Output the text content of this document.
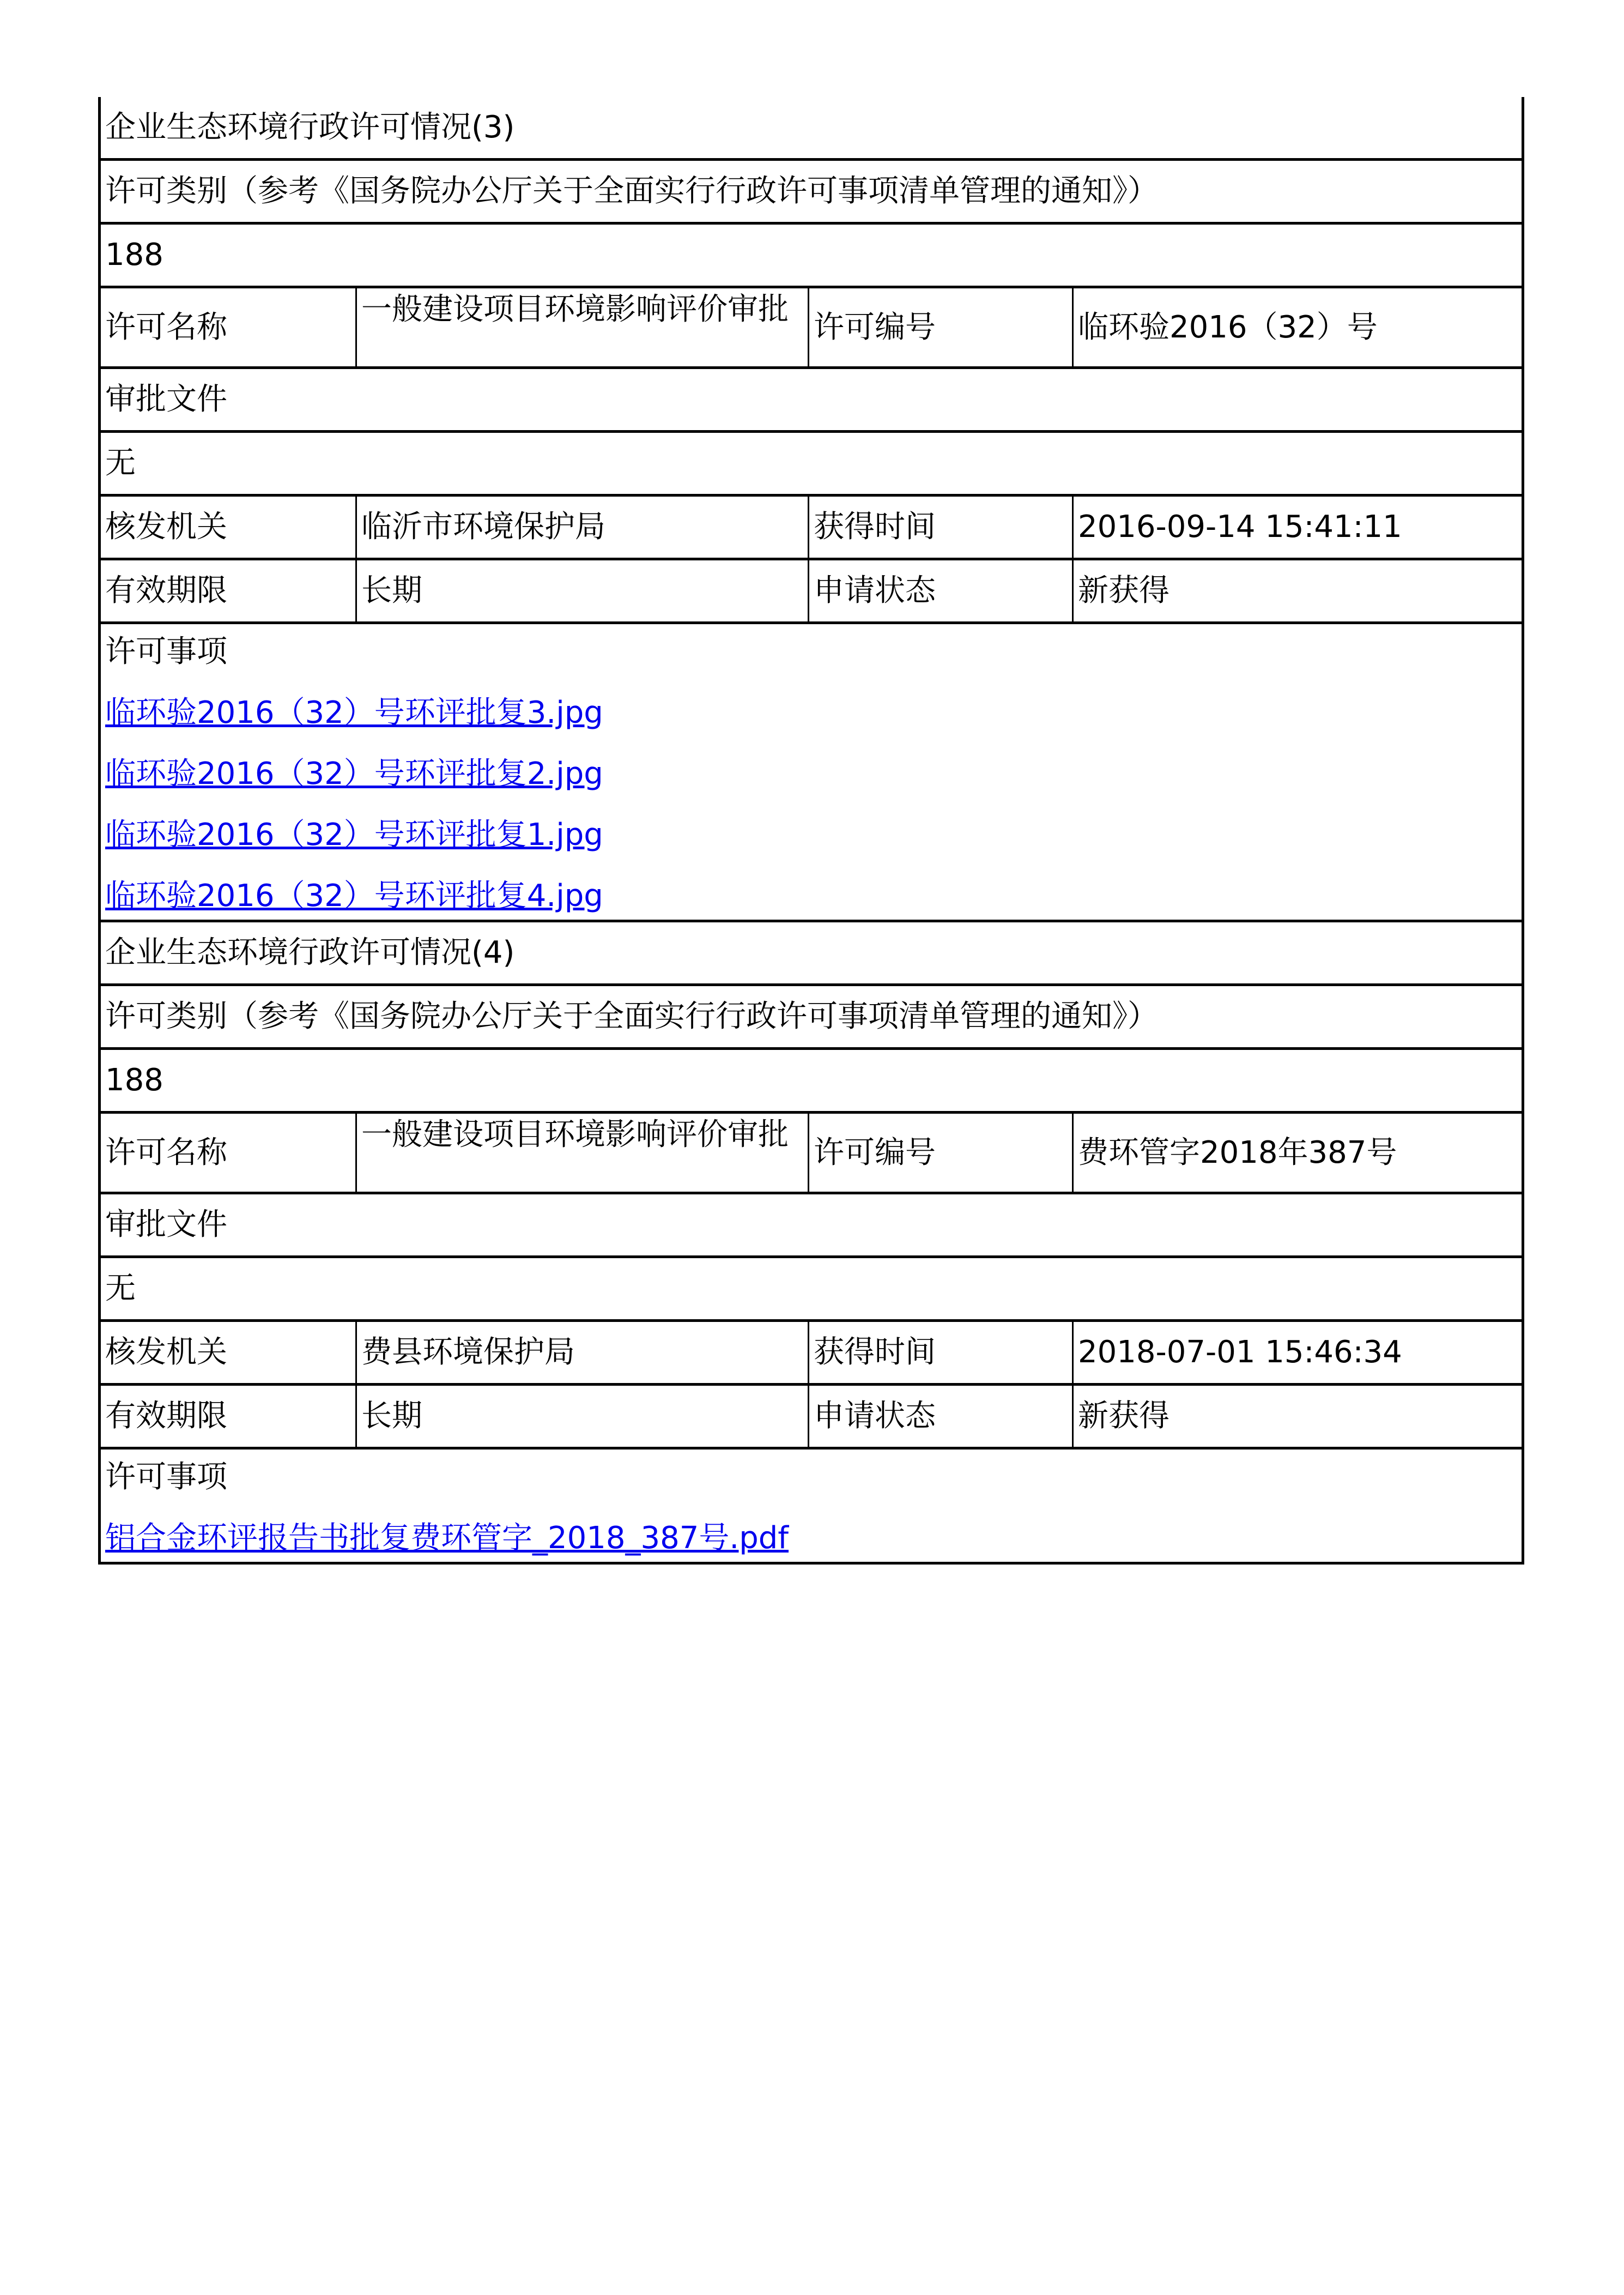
企业生态环境行政许可情况(3)
许可类别（参考《国务院办公厅关于全面实行行政许可事项清单管理的通知》）
188
许可名称	一般建设项目环境影响评价审批 许可编号	临环验2016（32）号
审批文件
无
核发机关	临沂市环境保护局	获得时间	2016-09-14 15:41:11
有效期限	长期	申请状态	新获得
许可事项
临环验2016（32）号环评批复3.jpg
临环验2016（32）号环评批复2.jpg
临环验2016（32）号环评批复1.jpg
临环验2016（32）号环评批复4.jpg
企业生态环境行政许可情况(4)
许可类别（参考《国务院办公厅关于全面实行行政许可事项清单管理的通知》）
188
许可名称	一般建设项目环境影响评价审批 许可编号	费环管字2018年387号
审批文件
无
核发机关	费县环境保护局	获得时间	2018-07-01 15:46:34
有效期限	长期	申请状态	新获得
许可事项
铝合金环评报告书批复费环管字_2018_387号.pdf
